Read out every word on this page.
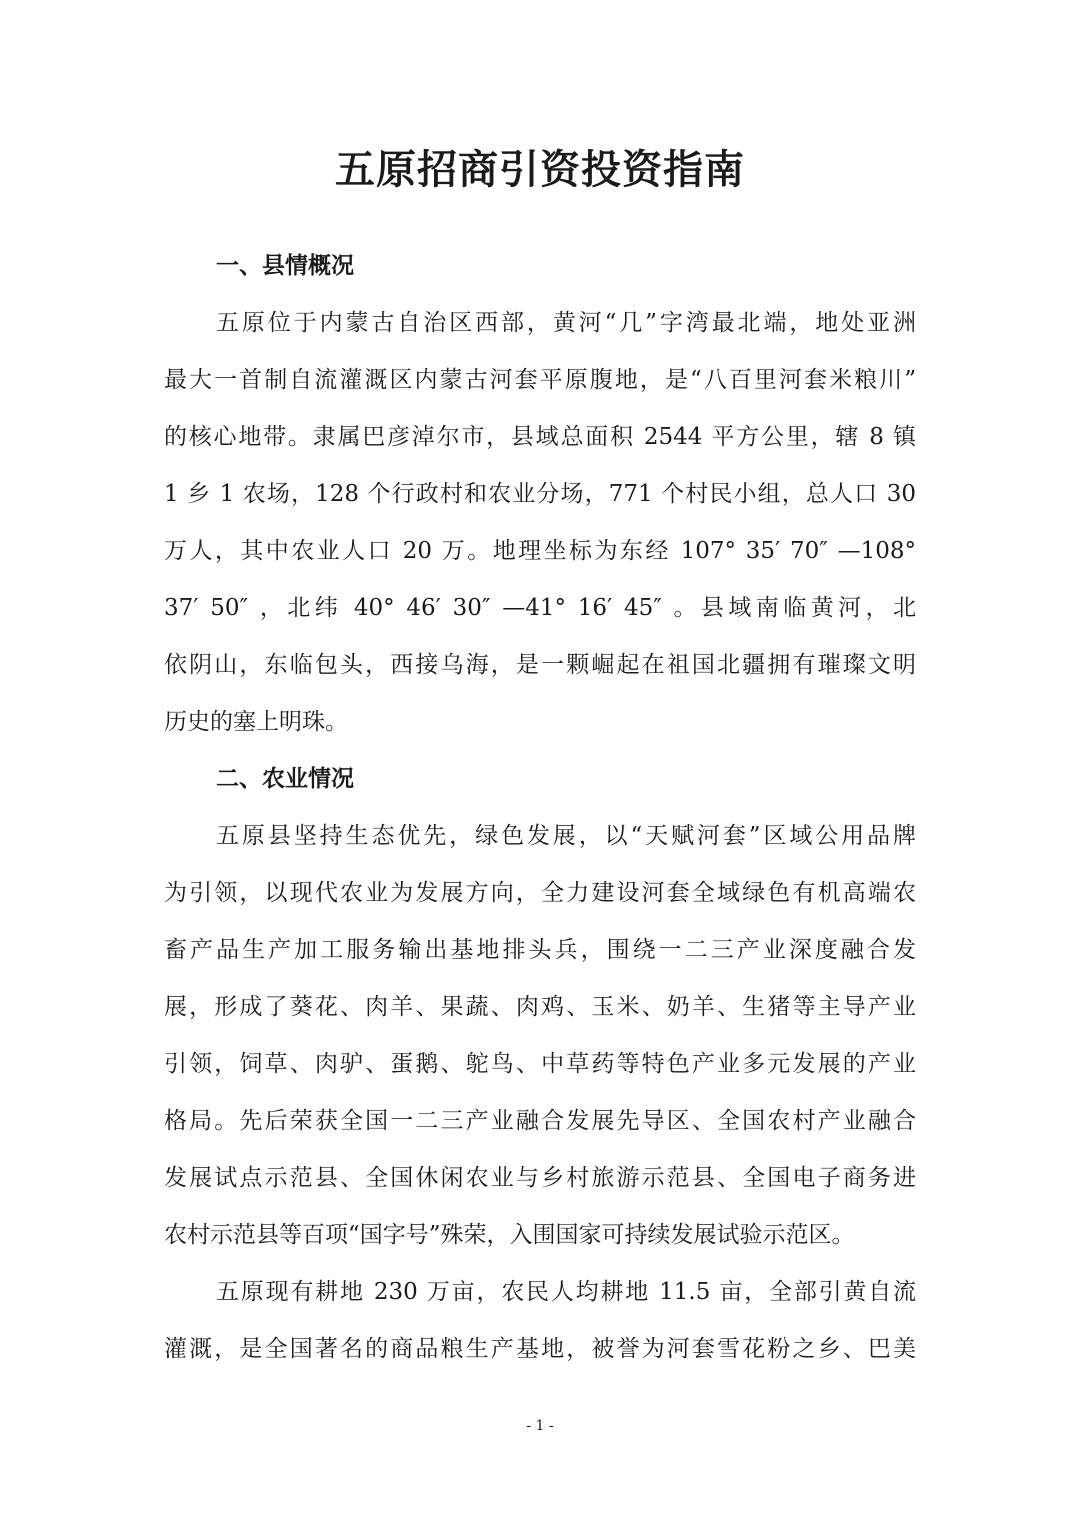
五原招商引资投资指南
一、县情概况
五原位于内蒙古自治区西部，黄河“几”字湾最北端，地处亚洲
最大一首制自流灌溉区内蒙古河套平原腹地，是“八百里河套米粮川”
的核心地带。隶属巴彦淖尔市，县域总面积 2544 平方公里，辖 8 镇
1 乡 1 农场，128 个行政村和农业分场，771 个村民小组，总人口 30
万人，其中农业人口 20 万。地理坐标为东经 107° 35′ 70″ —108°
37′ 50″ ，北纬 40° 46′ 30″ —41° 16′ 45″ 。县域南临黄河，北
依阴山，东临包头，西接乌海，是一颗崛起在祖国北疆拥有璀璨文明
历史的塞上明珠。
二、农业情况
五原县坚持生态优先，绿色发展，以“天赋河套”区域公用品牌
为引领，以现代农业为发展方向，全力建设河套全域绿色有机高端农
畜产品生产加工服务输出基地排头兵，围绕一二三产业深度融合发
展，形成了葵花、肉羊、果蔬、肉鸡、玉米、奶羊、生猪等主导产业
引领，饲草、肉驴、蛋鹅、鸵鸟、中草药等特色产业多元发展的产业
格局。先后荣获全国一二三产业融合发展先导区、全国农村产业融合
发展试点示范县、全国休闲农业与乡村旅游示范县、全国电子商务进
农村示范县等百项“国字号”殊荣，入围国家可持续发展试验示范区。
五原现有耕地 230 万亩，农民人均耕地 11.5 亩，全部引黄自流
灌溉，是全国著名的商品粮生产基地，被誉为河套雪花粉之乡、巴美
- 1 -
